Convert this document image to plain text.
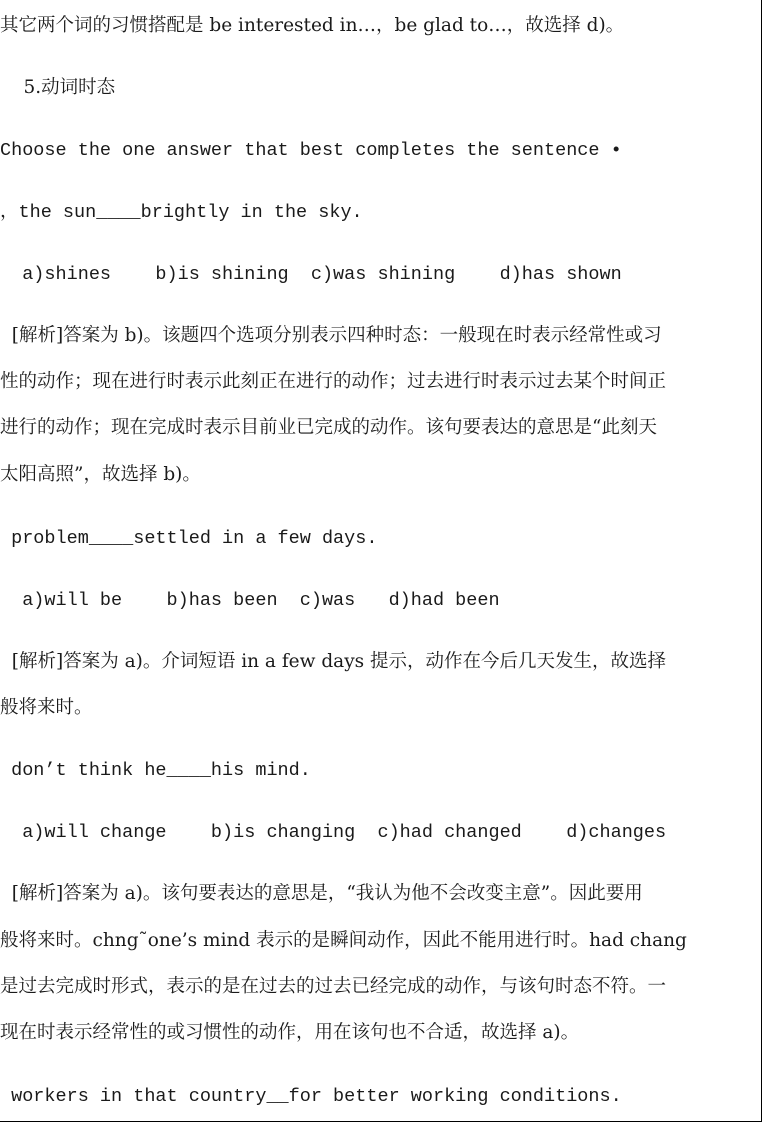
其它两个词的习惯搭配是 be interested in…，be glad to…，故选择 d)。
5.动词时态
Choose the one answer that best completes the sentence •
，the sun____brightly in the sky.
a)shines    b)is shining  c)was shining    d)has shown
[解析]答案为 b)。该题四个选项分别表示四种时态：一般现在时表示经常性或习
性的动作；现在进行时表示此刻正在进行的动作；过去进行时表示过去某个时间正
进行的动作；现在完成时表示目前业已完成的动作。该句要表达的意思是“此刻天
太阳高照”，故选择 b)。
problem____settled in a few days.
a)will be    b)has been  c)was   d)had been
[解析]答案为 a)。介词短语 in a few days 提示，动作在今后几天发生，故选择
般将来时。
don’t think he____his mind.
a)will change    b)is changing  c)had changed    d)changes
[解析]答案为 a)。该句要表达的意思是，“我认为他不会改变主意”。因此要用
般将来时。chng˜one’s mind 表示的是瞬间动作，因此不能用进行时。had chang
是过去完成时形式，表示的是在过去的过去已经完成的动作，与该句时态不符。一
现在时表示经常性的或习惯性的动作，用在该句也不合适，故选择 a)。
workers in that country__for better working conditions.
